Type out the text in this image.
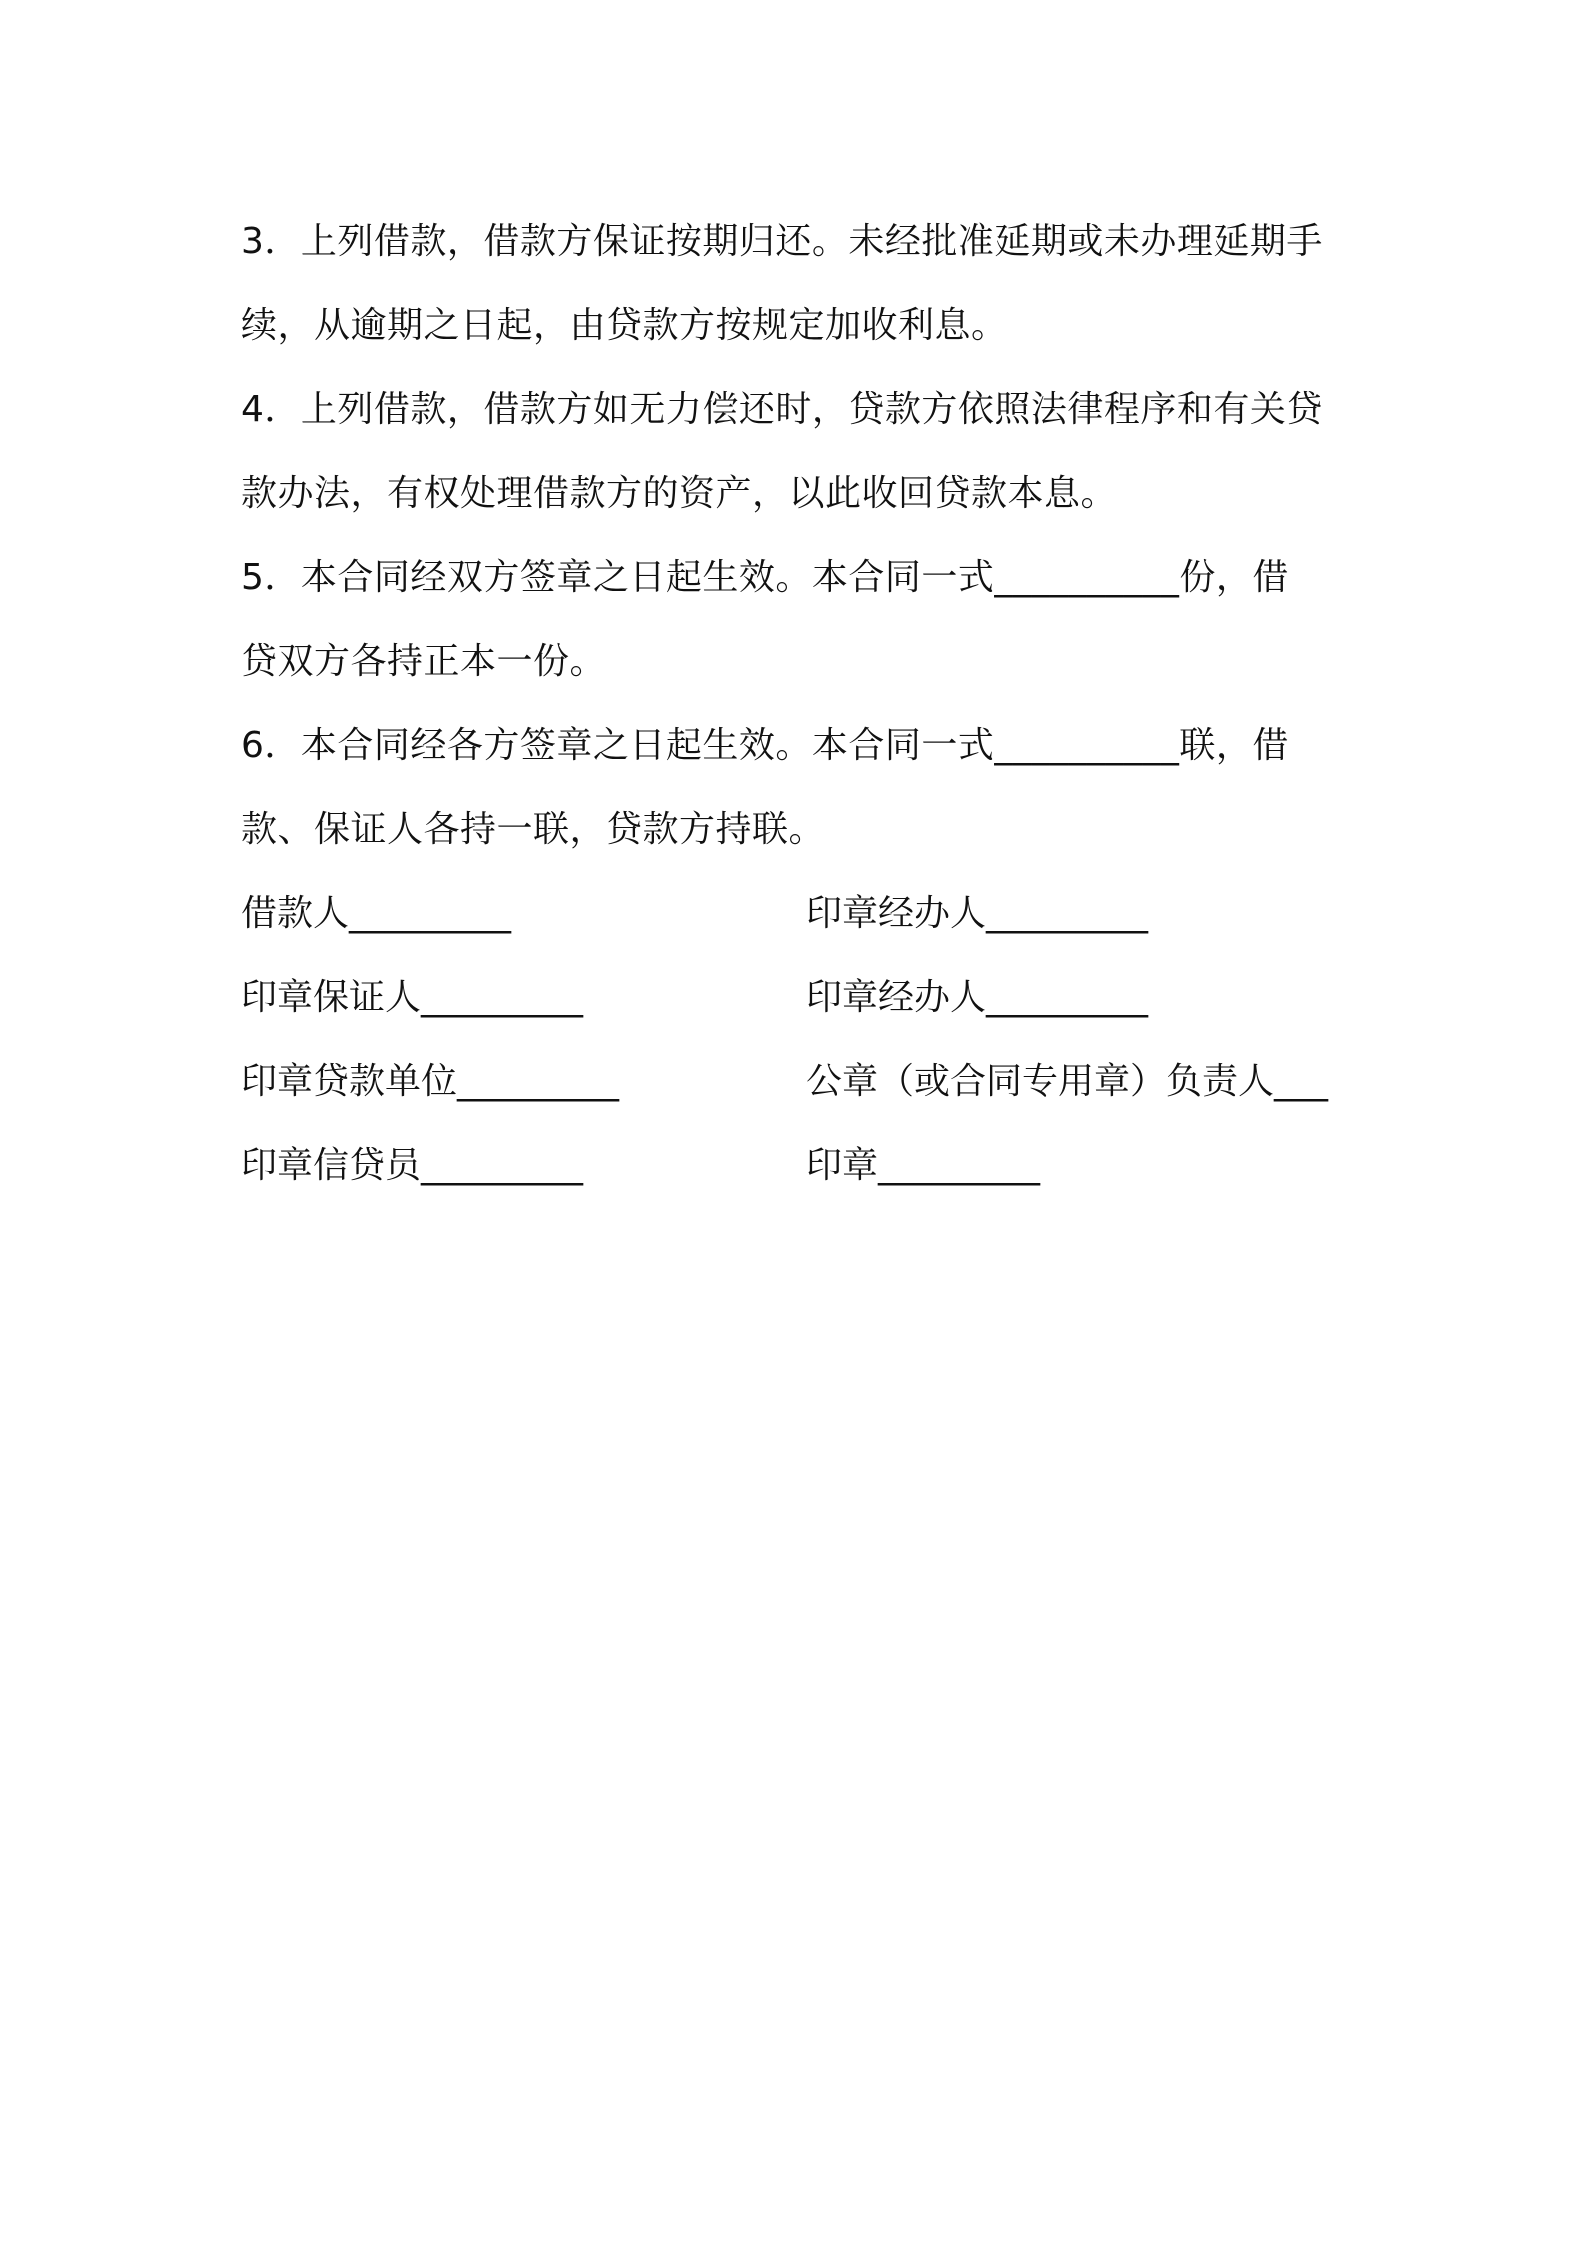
3．上列借款，借款方保证按期归还。未经批准延期或未办理延期手
续，从逾期之日起，由贷款方按规定加收利息。
4．上列借款，借款方如无力偿还时，贷款方依照法律程序和有关贷
款办法，有权处理借款方的资产，以此收回贷款本息。
5．本合同经双方签章之日起生效。本合同一式__________份，借
贷双方各持正本一份。
6．本合同经各方签章之日起生效。本合同一式__________联，借
款、保证人各持一联，贷款方持联。
借款人_________	印章经办人_________
印章保证人_________	印章经办人_________
印章贷款单位_________	公章（或合同专用章）负责人___
印章信贷员_________	印章_________
